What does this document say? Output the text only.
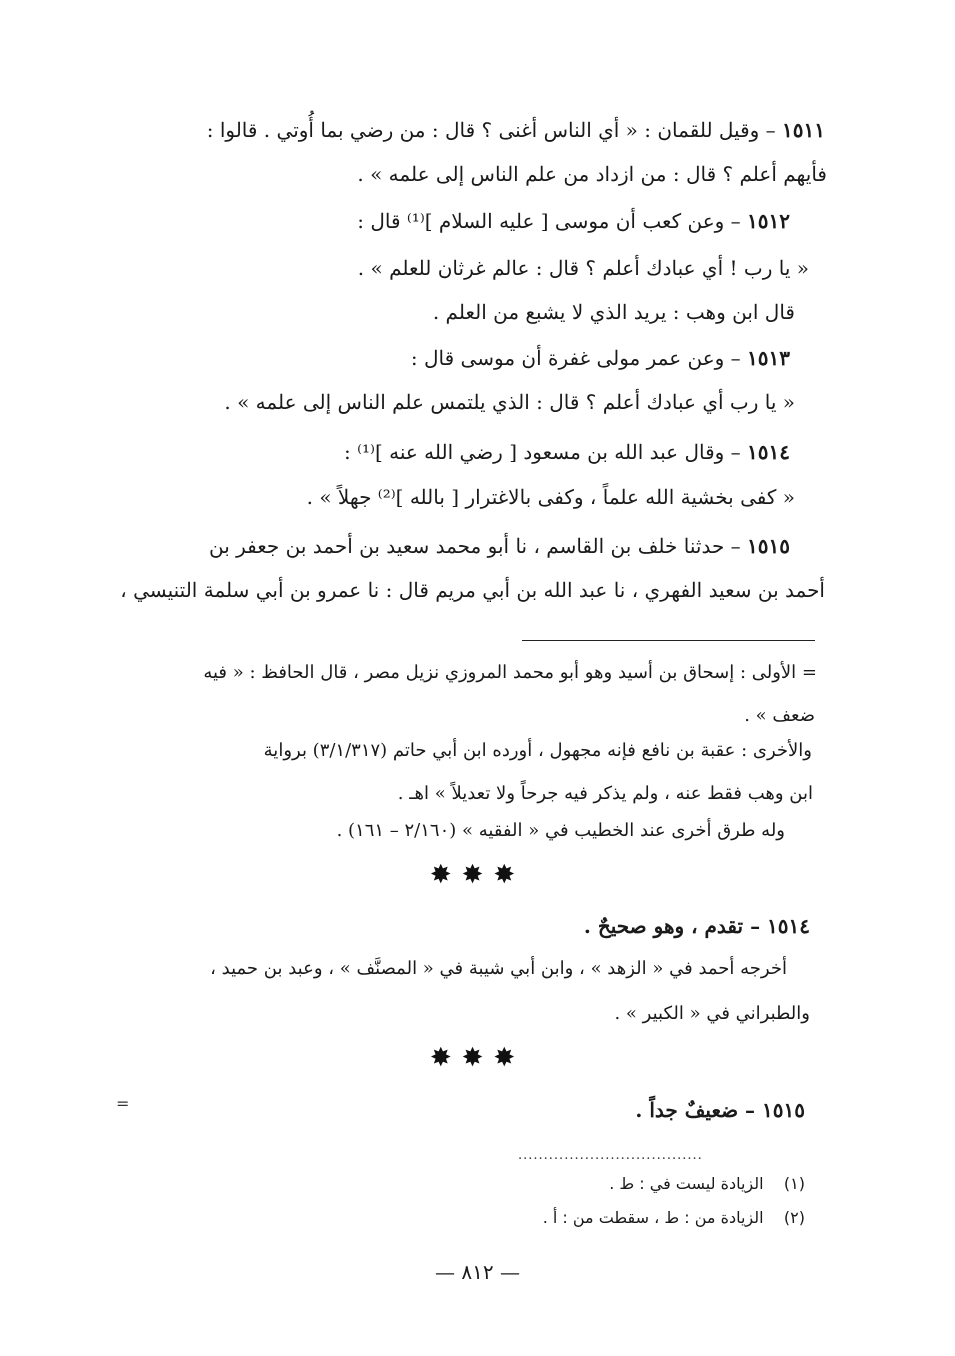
١٥١١ – وقيل للقمان : « أي الناس أغنى ؟ قال : من رضي بما أُوتي . قالوا :
فأيهم أعلم ؟ قال : من ازداد من علم الناس إلى علمه » .
١٥١٢ – وعن كعب أن موسى [ عليه السلام ]⁽¹⁾ قال :
« يا رب ! أي عبادك أعلم ؟ قال : عالم غرثان للعلم » .
قال ابن وهب : يريد الذي لا يشبع من العلم .
١٥١٣ – وعن عمر مولى غفرة أن موسى قال :
« يا رب أي عبادك أعلم ؟ قال : الذي يلتمس علم الناس إلى علمه » .
١٥١٤ – وقال عبد الله بن مسعود [ رضي الله عنه ]⁽¹⁾ :
« كفى بخشية الله علماً ، وكفى بالاغترار [ بالله ]⁽²⁾ جهلاً » .
١٥١٥ – حدثنا خلف بن القاسم ، نا أبو محمد سعيد بن أحمد بن جعفر بن
أحمد بن سعيد الفهري ، نا عبد الله بن أبي مريم قال : نا عمرو بن أبي سلمة التنيسي ،
= الأولى : إسحاق بن أسيد وهو أبو محمد المروزي نزيل مصر ، قال الحافظ : « فيه
ضعف » .
والأخرى : عقبة بن نافع فإنه مجهول ، أورده ابن أبي حاتم (٣/١/٣١٧) برواية
ابن وهب فقط عنه ، ولم يذكر فيه جرحاً ولا تعديلاً » اهـ .
وله طرق أخرى عند الخطيب في « الفقيه » (٢/١٦٠ – ١٦١) .
✸✸✸
١٥١٤ – تقدم ، وهو صحيحٌ .
أخرجه أحمد في « الزهد » ، وابن أبي شيبة في « المصنَّف » ، وعبد بن حميد ،
والطبراني في « الكبير » .
✸✸✸
=	١٥١٥ – ضعيفٌ جداً .
....................................
(١)    الزيادة ليست في : ط .
(٢)    الزيادة من : ط ، سقطت من : أ .
— ٨١٢ —
